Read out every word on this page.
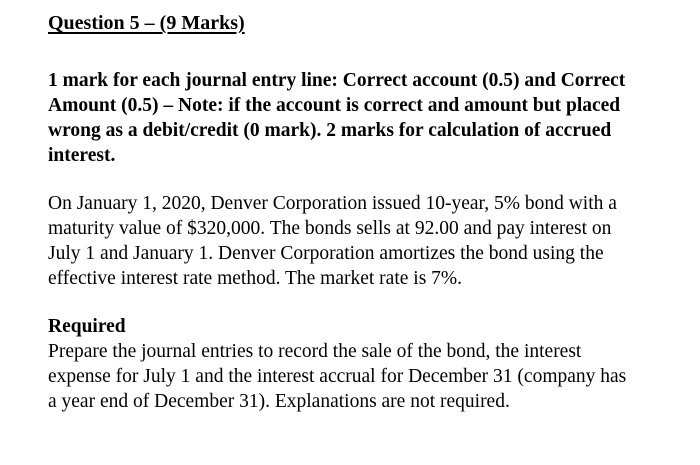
Question 5 – (9 Marks)

1 mark for each journal entry line: Correct account (0.5) and Correct Amount (0.5) – Note: if the account is correct and amount but placed wrong as a debit/credit (0 mark). 2 marks for calculation of accrued interest.

On January 1, 2020, Denver Corporation issued 10-year, 5% bond with a maturity value of $320,000. The bonds sells at 92.00 and pay interest on July 1 and January 1. Denver Corporation amortizes the bond using the effective interest rate method. The market rate is 7%.

Required

Prepare the journal entries to record the sale of the bond, the interest expense for July 1 and the interest accrual for December 31 (company has a year end of December 31). Explanations are not required.
